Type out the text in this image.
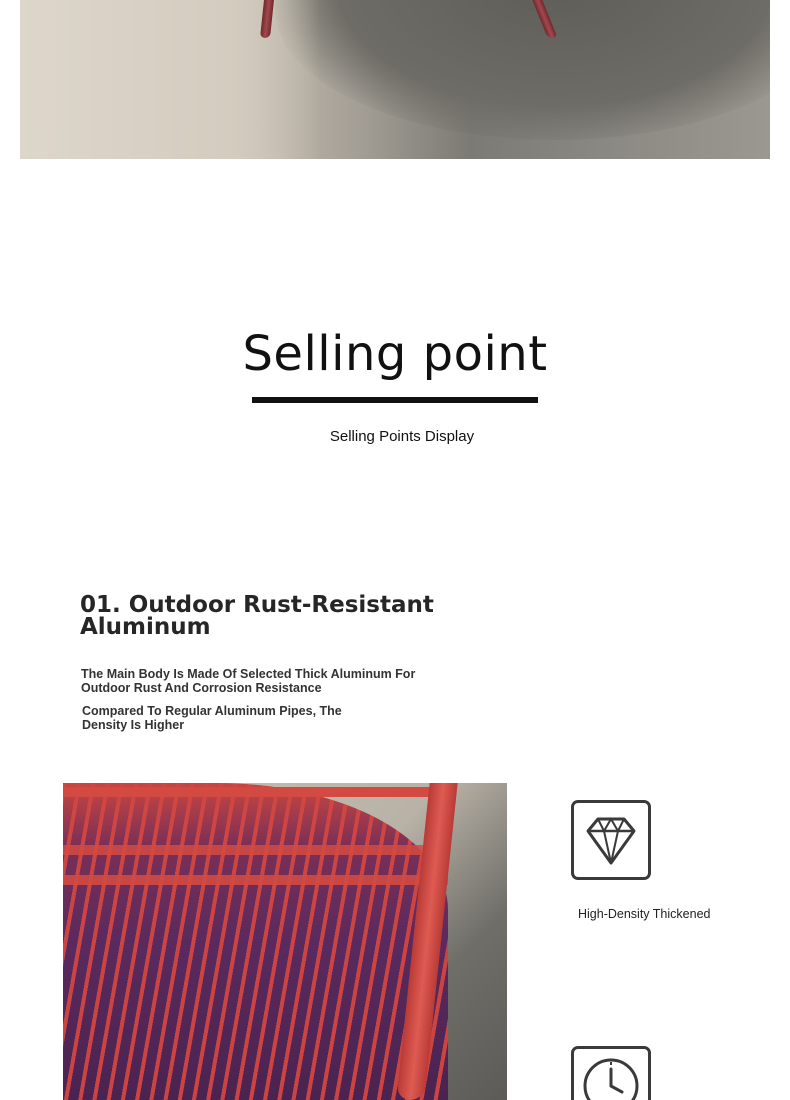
Selling point
Selling Points Display
01. Outdoor Rust-Resistant Aluminum
The Main Body Is Made Of Selected Thick Aluminum For Outdoor Rust And Corrosion Resistance
Compared To Regular Aluminum Pipes, The Density Is Higher
High-Density Thickened
